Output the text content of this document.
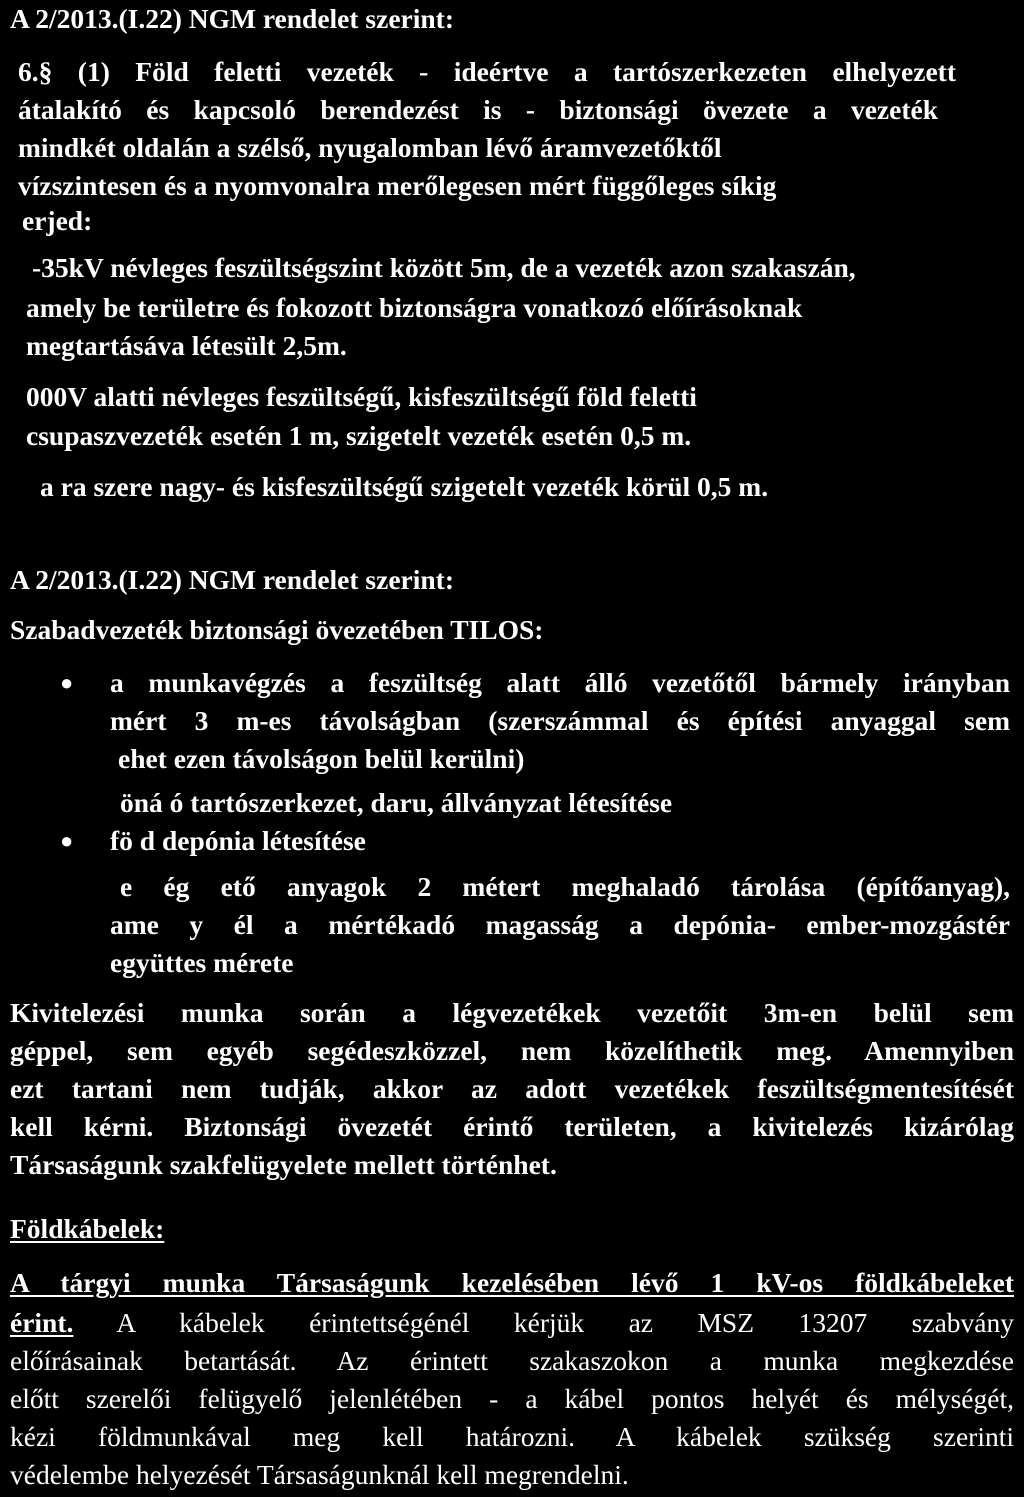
A 2/2013.(I.22) NGM rendelet szerint:
6.§ (1) Föld feletti vezeték - ideértve a tartószerkezeten elhelyezett
átalakító és kapcsoló berendezést is - biztonsági övezete a vezeték
mindkét oldalán a szélső, nyugalomban lévő áramvezetőktől
vízszintesen és a nyomvonalra merőlegesen mért függőleges síkig
erjed:
-35kV névleges feszültségszint között 5m, de a vezeték azon szakaszán,
amely be területre és fokozott biztonságra vonatkozó előírásoknak
megtartásáva létesült 2,5m.
000V alatti névleges feszültségű, kisfeszültségű föld feletti
csupaszvezeték esetén 1 m, szigetelt vezeték esetén 0,5 m.
a ra szere nagy- és kisfeszültségű szigetelt vezeték körül 0,5 m.
A 2/2013.(I.22) NGM rendelet szerint:
Szabadvezeték biztonsági övezetében TILOS:
● a munkavégzés a feszültség alatt álló vezetőtől bármely irányban
mért 3 m-es távolságban (szerszámmal és építési anyaggal sem
ehet ezen távolságon belül kerülni)
öná ó tartószerkezet, daru, állványzat létesítése
● fö d depónia létesítése
e ég ető anyagok 2 métert meghaladó tárolása (építőanyag),
ame y él a mértékadó magasság a depónia- ember-mozgástér
együttes mérete
Kivitelezési munka során a légvezetékek vezetőit 3m-en belül sem
géppel, sem egyéb segédeszközzel, nem közelíthetik meg. Amennyiben
ezt tartani nem tudják, akkor az adott vezetékek feszültségmentesítését
kell kérni. Biztonsági övezetét érintő területen, a kivitelezés kizárólag
Társaságunk szakfelügyelete mellett történhet.
Földkábelek:
A tárgyi munka Társaságunk kezelésében lévő 1 kV-os földkábeleket
érint. A kábelek érintettségénél kérjük az MSZ 13207 szabvány
előírásainak betartását. Az érintett szakaszokon a munka megkezdése
előtt szerelői felügyelő jelenlétében - a kábel pontos helyét és mélységét,
kézi földmunkával meg kell határozni. A kábelek szükség szerinti
védelembe helyezését Társaságunknál kell megrendelni.
